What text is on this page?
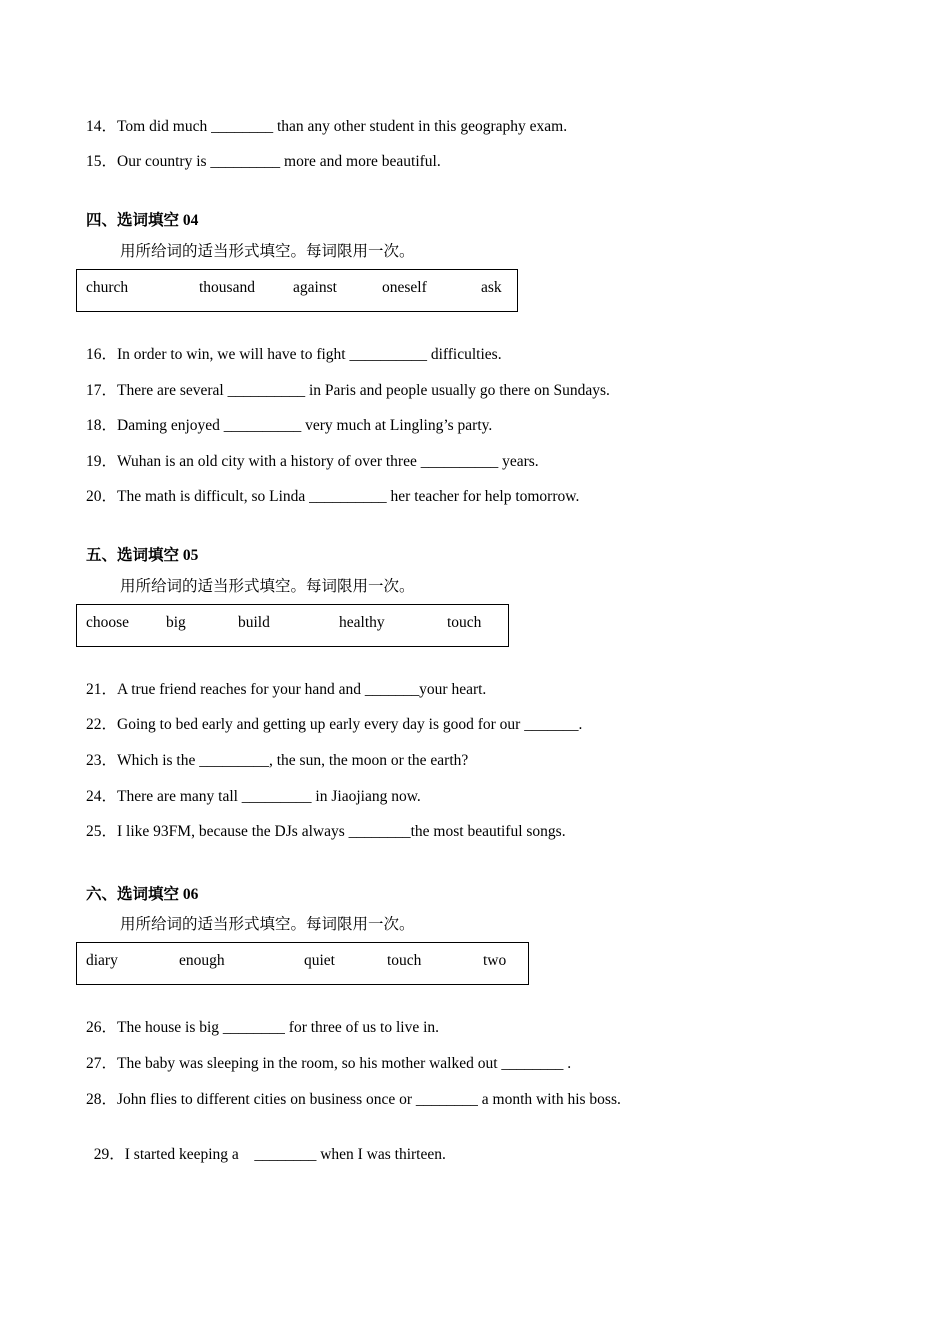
14．Tom did much ________ than any other student in this geography exam.
15．Our country is _________ more and more beautiful.
四、选词填空 04
用所给词的适当形式填空。每词限用一次。
church	thousand against	oneself	ask
16．In order to win, we will have to fight __________ difficulties.
17．There are several __________ in Paris and people usually go there on Sundays.
18．Daming enjoyed __________ very much at Lingling’s party.
19．Wuhan is an old city with a history of over three __________ years.
20．The math is difficult, so Linda __________ her teacher for help tomorrow.
五、选词填空 05
用所给词的适当形式填空。每词限用一次。
choose big	build	healthy	touch
21．A true friend reaches for your hand and _______your heart.
22．Going to bed early and getting up early every day is good for our _______.
23．Which is the _________, the sun, the moon or the earth?
24．There are many tall _________ in Jiaojiang now.
25．I like 93FM, because the DJs always ________the most beautiful songs.
六、选词填空 06
用所给词的适当形式填空。每词限用一次。
diary	enough	quiet	touch	two
26．The house is big ________ for three of us to live in.
27．The baby was sleeping in the room, so his mother walked out ________ .
28．John flies to different cities on business once or ________ a month with his boss.

29．I started keeping a    ________ when I was thirteen.
